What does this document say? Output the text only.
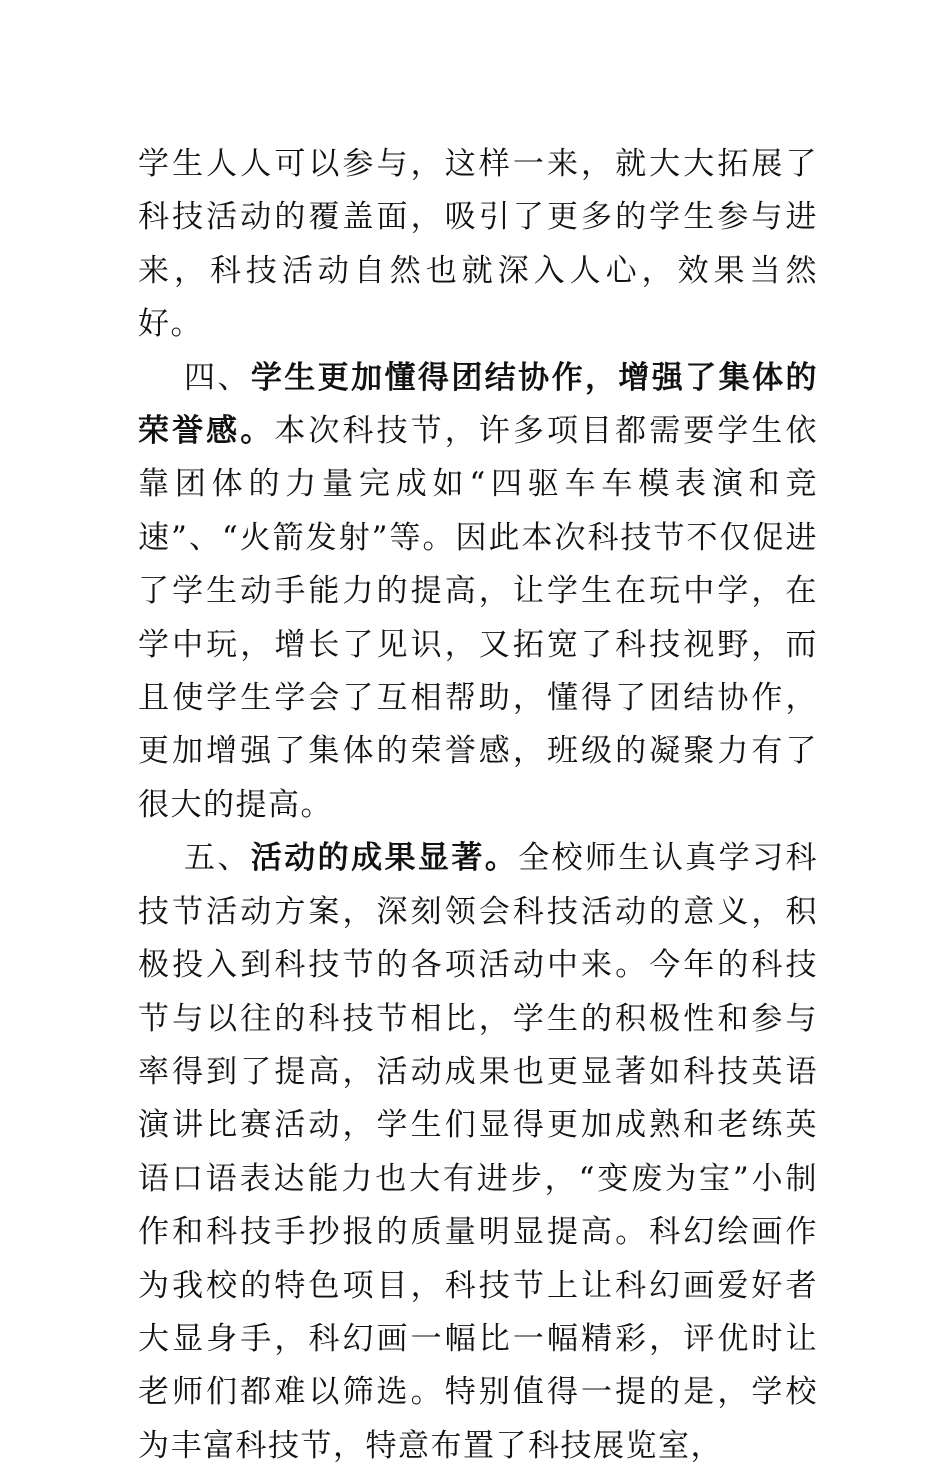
学生人人可以参与，这样一来，就大大拓展了科技活动的覆盖面，吸引了更多的学生参与进来，科技活动自然也就深入人心，效果当然好。

四、学生更加懂得团结协作，增强了集体的荣誉感。本次科技节，许多项目都需要学生依靠团体的力量完成如“四驱车车模表演和竞速”、“火箭发射”等。因此本次科技节不仅促进了学生动手能力的提高，让学生在玩中学，在学中玩，增长了见识，又拓宽了科技视野，而且使学生学会了互相帮助，懂得了团结协作，更加增强了集体的荣誉感，班级的凝聚力有了很大的提高。

五、活动的成果显著。全校师生认真学习科技节活动方案，深刻领会科技活动的意义，积极投入到科技节的各项活动中来。今年的科技节与以往的科技节相比，学生的积极性和参与率得到了提高，活动成果也更显著如科技英语演讲比赛活动，学生们显得更加成熟和老练英语口语表达能力也大有进步，“变废为宝”小制作和科技手抄报的质量明显提高。科幻绘画作为我校的特色项目，科技节上让科幻画爱好者大显身手，科幻画一幅比一幅精彩，评优时让老师们都难以筛选。特别值得一提的是，学校为丰富科技节，特意布置了科技展览室，
